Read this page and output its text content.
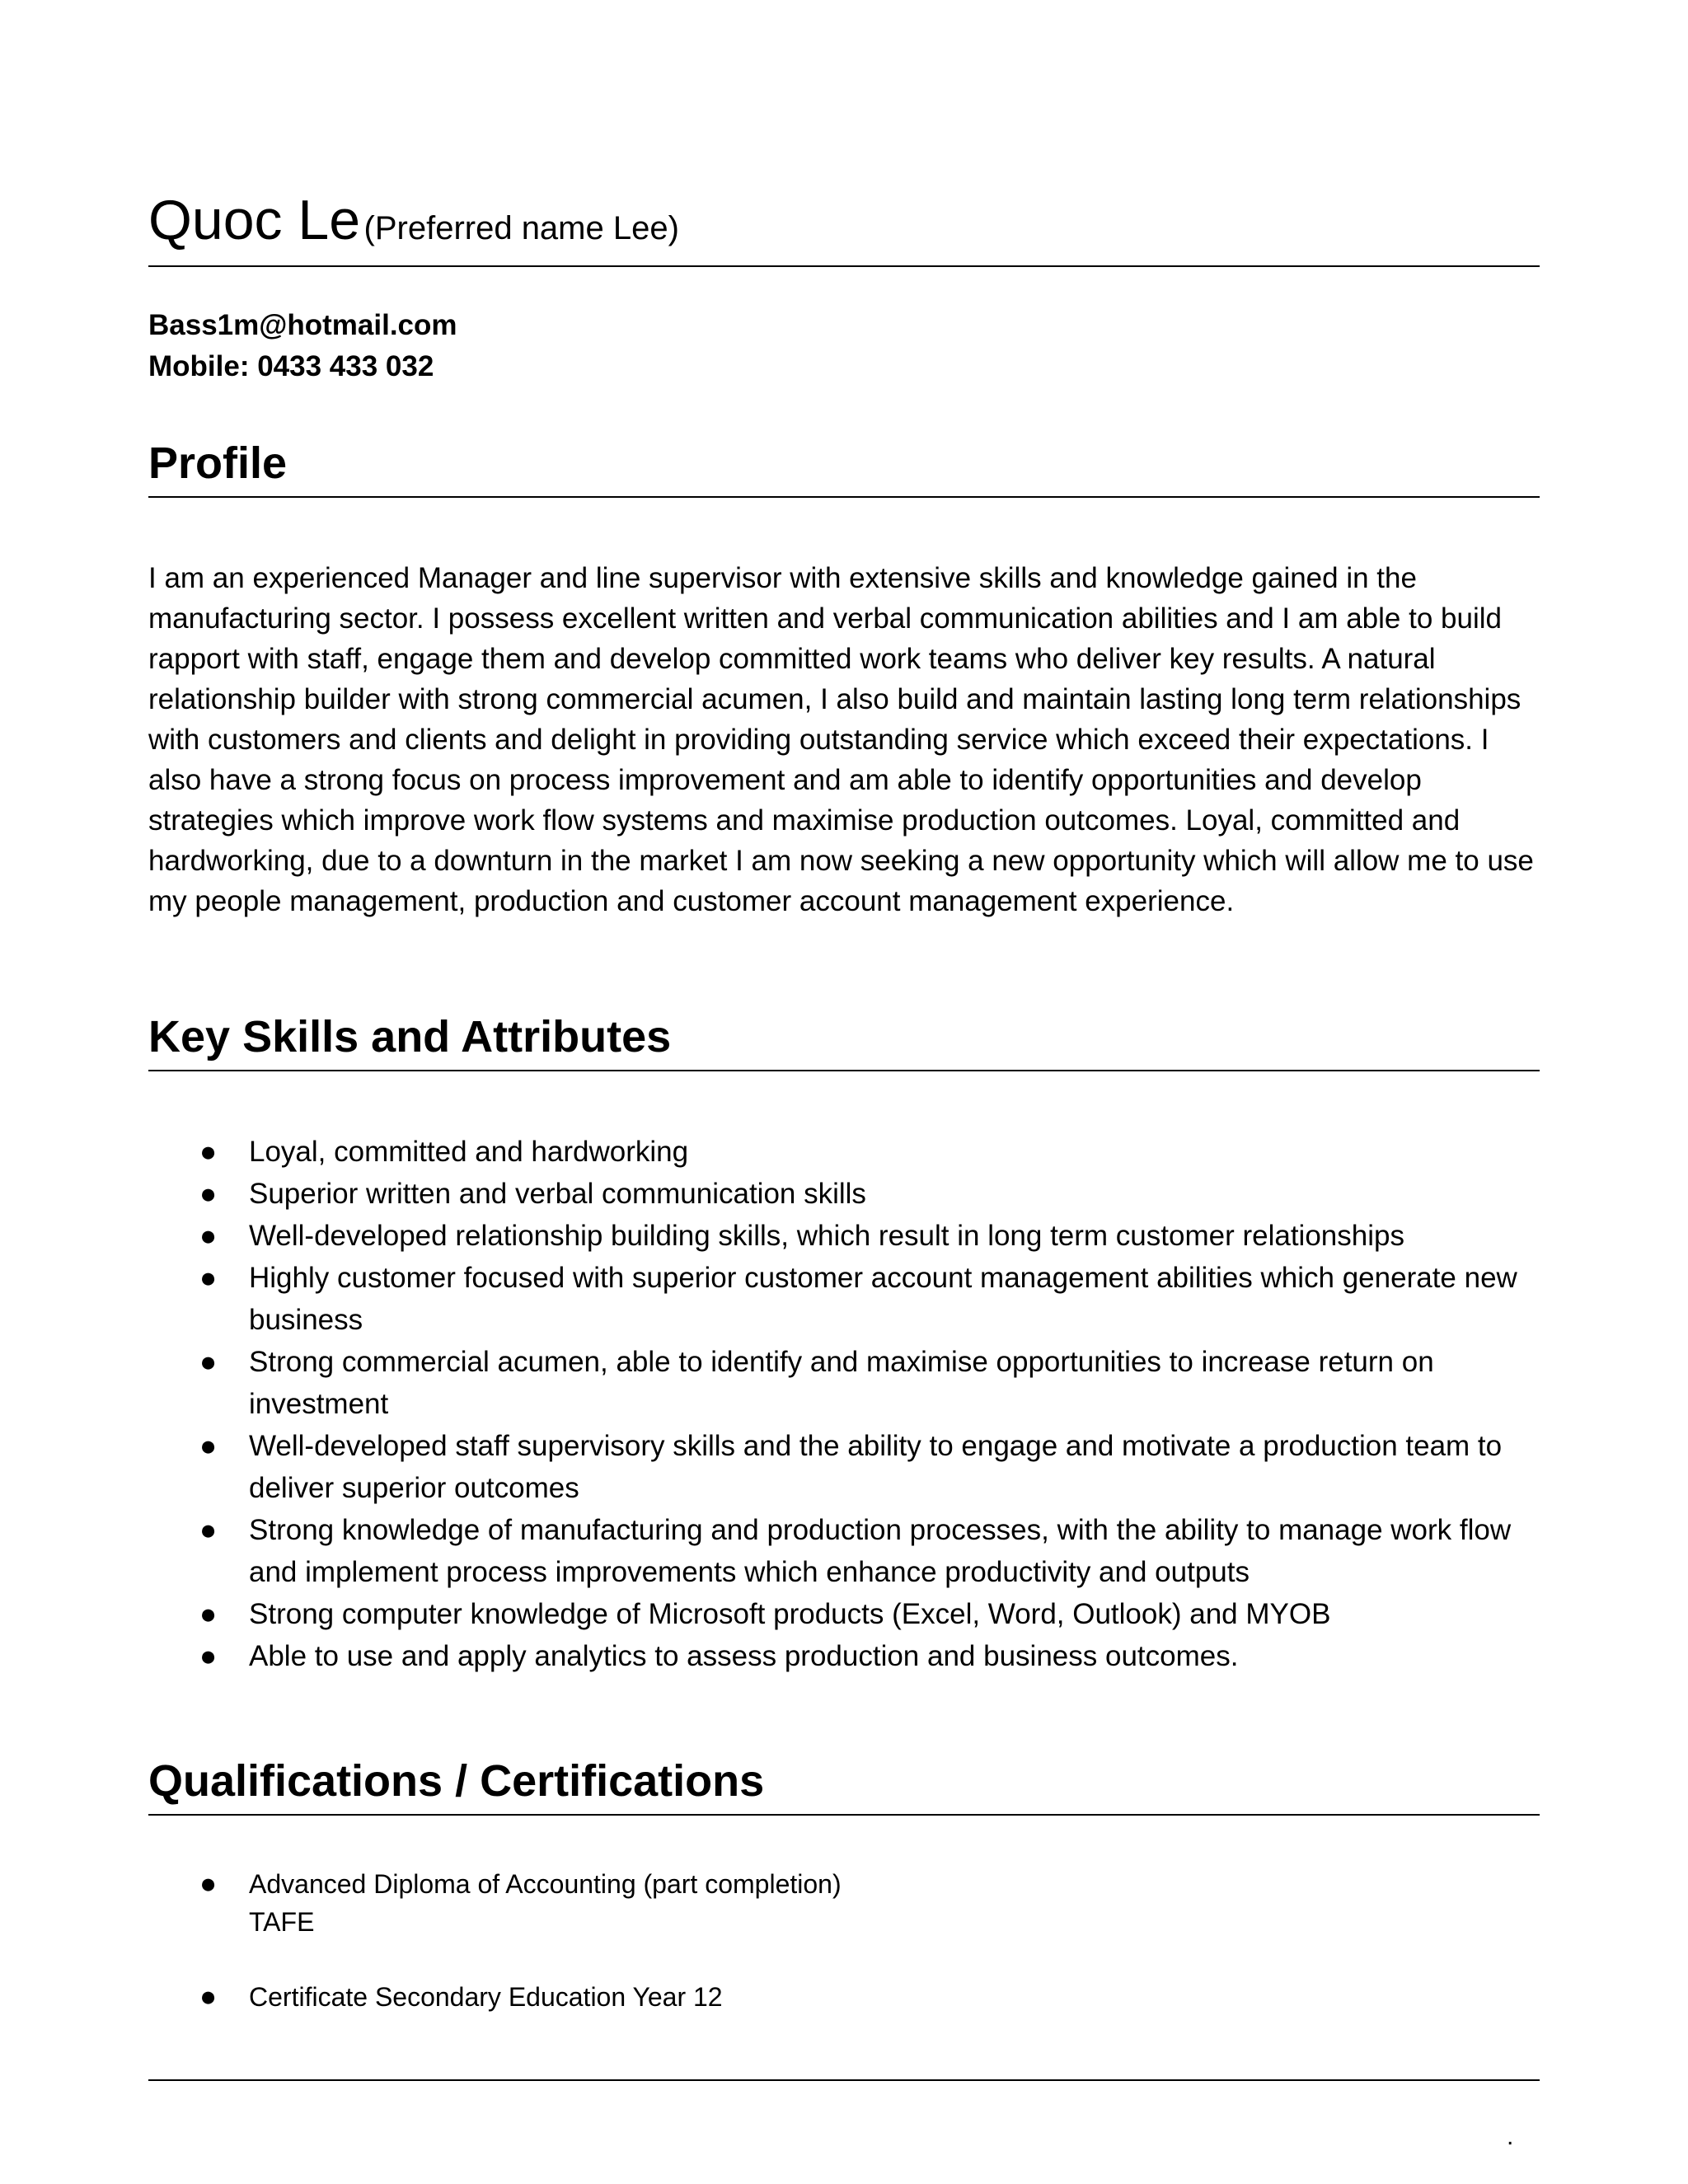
Quoc Le (Preferred name Lee)
Bass1m@hotmail.com
Mobile: 0433 433 032
Profile
I am an experienced Manager and line supervisor with extensive skills and knowledge gained in the manufacturing sector. I possess excellent written and verbal communication abilities and I am able to build rapport with staff, engage them and develop committed work teams who deliver key results. A natural relationship builder with strong commercial acumen, I also build and maintain lasting long term relationships with customers and clients and delight in providing outstanding service which exceed their expectations. I also have a strong focus on process improvement and am able to identify opportunities and develop strategies which improve work flow systems and maximise production outcomes. Loyal, committed and hardworking, due to a downturn in the market I am now seeking a new opportunity which will allow me to use my people management, production and customer account management experience.
Key Skills and Attributes
● Loyal, committed and hardworking
● Superior written and verbal communication skills
● Well-developed relationship building skills, which result in long term customer relationships
● Highly customer focused with superior customer account management abilities which generate new business
● Strong commercial acumen, able to identify and maximise opportunities to increase return on investment
● Well-developed staff supervisory skills and the ability to engage and motivate a production team to deliver superior outcomes
● Strong knowledge of manufacturing and production processes, with the ability to manage work flow and implement process improvements which enhance productivity and outputs
● Strong computer knowledge of Microsoft products (Excel, Word, Outlook) and MYOB
● Able to use and apply analytics to assess production and business outcomes.
Qualifications / Certifications
● Advanced Diploma of Accounting (part completion)
TAFE
● Certificate Secondary Education Year 12
.
